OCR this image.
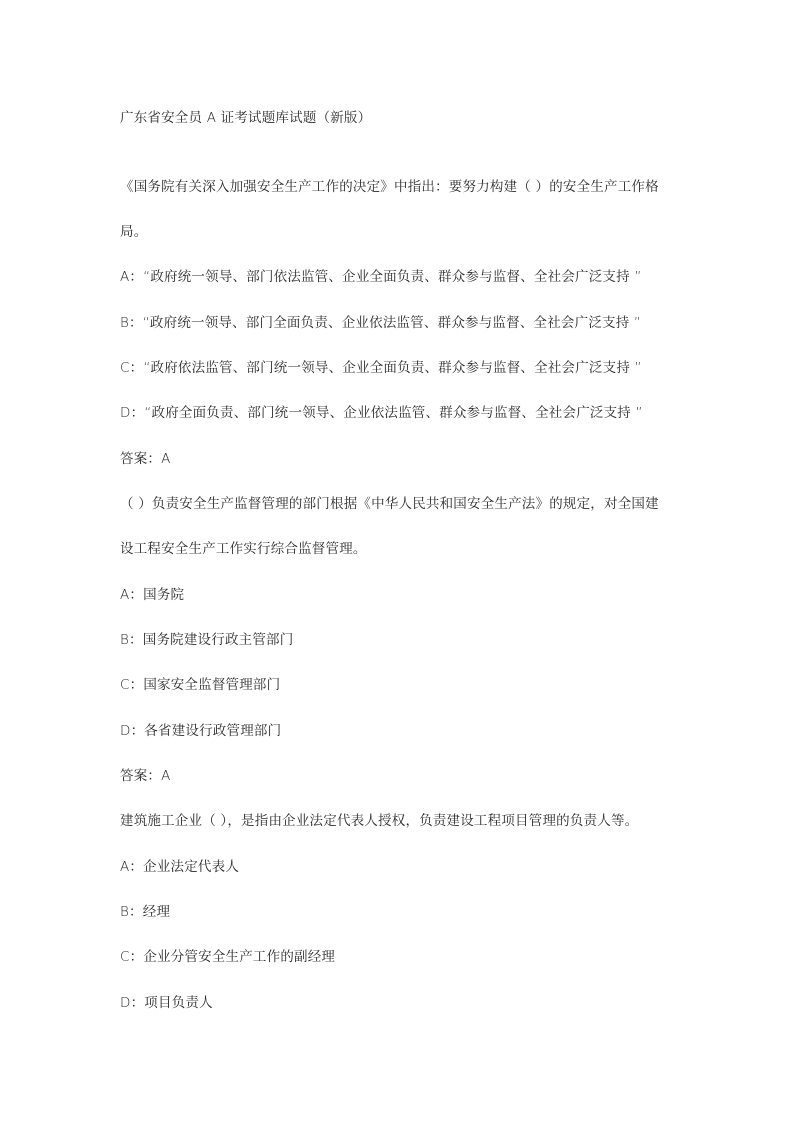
广东省安全员 A 证考试题库试题（新版）
《国务院有关深入加强安全生产工作的决定》中指出：要努力构建（ ）的安全生产工作格
局。
A：“政府统一领导、部门依法监管、企业全面负责、群众参与监督、全社会广泛支持 ”
B：“政府统一领导、部门全面负责、企业依法监管、群众参与监督、全社会广泛支持 ”
C：“政府依法监管、部门统一领导、企业全面负责、群众参与监督、全社会广泛支持 ”
D：“政府全面负责、部门统一领导、企业依法监管、群众参与监督、全社会广泛支持 ”
答案：A
（ ）负责安全生产监督管理的部门根据《中华人民共和国安全生产法》的规定，对全国建
设工程安全生产工作实行综合监督管理。
A：国务院
B：国务院建设行政主管部门
C：国家安全监督管理部门
D：各省建设行政管理部门
答案：A
建筑施工企业（ ），是指由企业法定代表人授权，负责建设工程项目管理的负责人等。
A：企业法定代表人
B：经理
C：企业分管安全生产工作的副经理
D：项目负责人
